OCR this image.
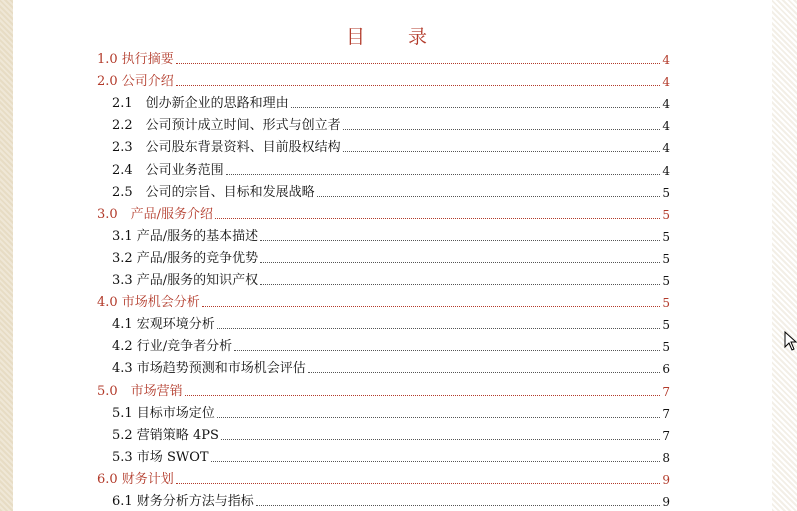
目　录
1.0 执行摘要	4
2.0 公司介绍	4
2.1　创办新企业的思路和理由	4
2.2　公司预计成立时间、形式与创立者	4
2.3　公司股东背景资料、目前股权结构	4
2.4　公司业务范围	4
2.5　公司的宗旨、目标和发展战略	5
3.0　产品/服务介绍	5
3.1 产品/服务的基本描述	5
3.2 产品/服务的竞争优势	5
3.3 产品/服务的知识产权	5
4.0 市场机会分析	5
4.1 宏观环境分析	5
4.2 行业/竞争者分析	5
4.3 市场趋势预测和市场机会评估	6
5.0　市场营销	7
5.1 目标市场定位	7
5.2 营销策略 4PS	7
5.3 市场 SWOT	8
6.0 财务计划	9
6.1 财务分析方法与指标	9
